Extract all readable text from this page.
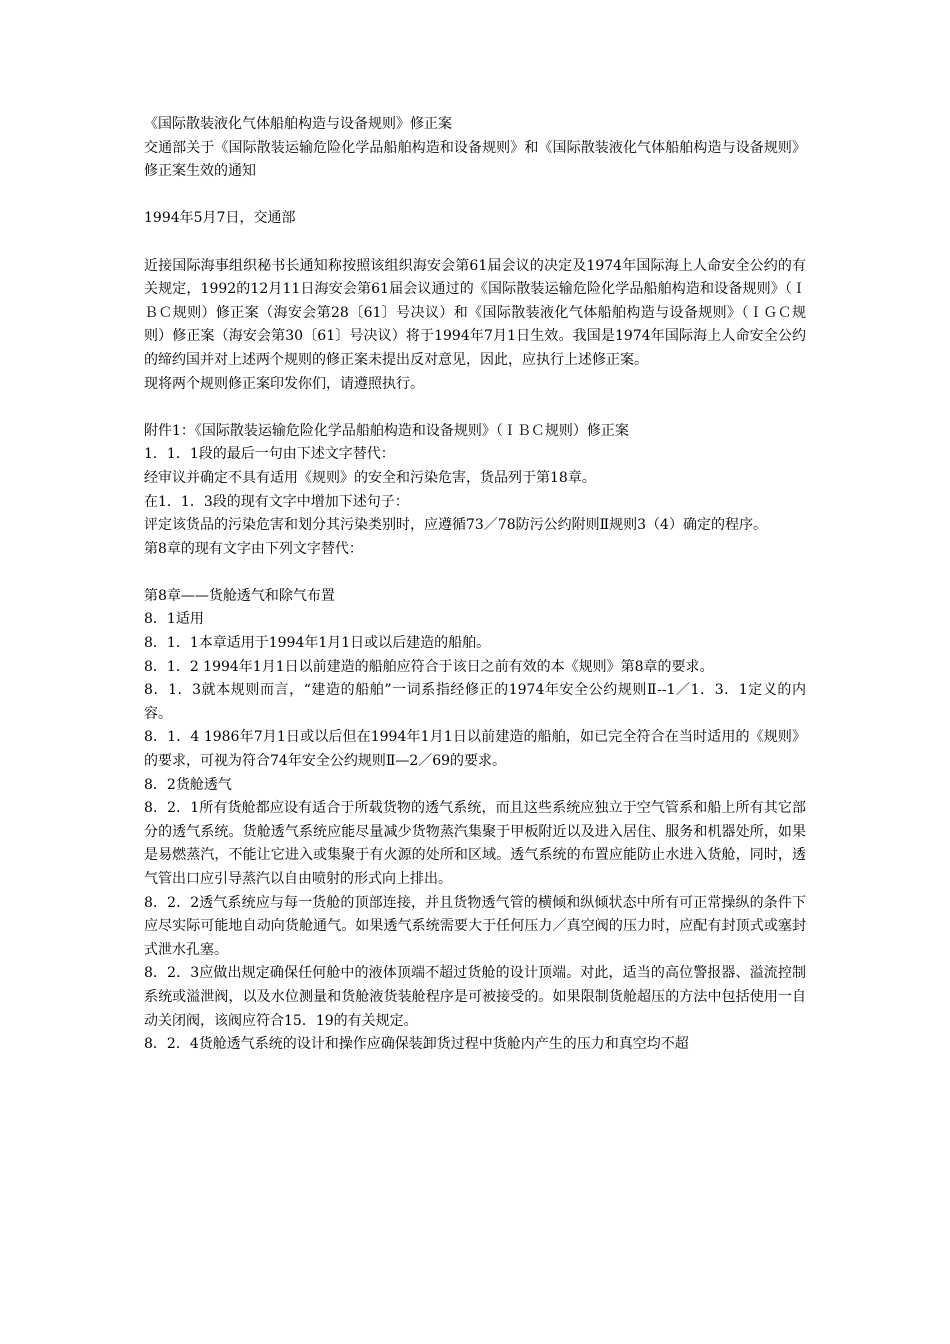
《国际散装液化气体船舶构造与设备规则》修正案

交通部关于《国际散装运输危险化学品船舶构造和设备规则》和《国际散装液化气体船舶构造与设备规则》修正案生效的通知

1994年5月7日，交通部

近接国际海事组织秘书长通知称按照该组织海安会第61届会议的决定及1974年国际海上人命安全公约的有关规定，1992的12月11日海安会第61届会议通过的《国际散装运输危险化学品船舶构造和设备规则》（ＩＢＣ规则）修正案（海安会第28〔61〕号决议）和《国际散装液化气体船舶构造与设备规则》（ＩＧＣ规则）修正案（海安会第30〔61〕号决议）将于1994年7月1日生效。我国是1974年国际海上人命安全公约的缔约国并对上述两个规则的修正案未提出反对意见，因此，应执行上述修正案。

现将两个规则修正案印发你们，请遵照执行。

附件1：《国际散装运输危险化学品船舶构造和设备规则》（ＩＢＣ规则）修正案

1．1．1段的最后一句由下述文字替代：

经审议并确定不具有适用《规则》的安全和污染危害，货品列于第18章。

在1．1．3段的现有文字中增加下述句子：

评定该货品的污染危害和划分其污染类别时，应遵循73／78防污公约附则Ⅱ规则3（4）确定的程序。

第8章的现有文字由下列文字替代：

第8章——货舱透气和除气布置

8．1适用

8．1．1本章适用于1994年1月1日或以后建造的船舶。

8．1．2 1994年1月1日以前建造的船舶应符合于该日之前有效的本《规则》第8章的要求。

8．1．3就本规则而言，“建造的船舶”一词系指经修正的1974年安全公约规则Ⅱ--1／1．3．1定义的内容。

8．1．4 1986年7月1日或以后但在1994年1月1日以前建造的船舶，如已完全符合在当时适用的《规则》的要求，可视为符合74年安全公约规则Ⅱ—2／69的要求。

8．2货舱透气

8．2．1所有货舱都应设有适合于所载货物的透气系统，而且这些系统应独立于空气管系和船上所有其它部分的透气系统。货舱透气系统应能尽量减少货物蒸汽集聚于甲板附近以及进入居住、服务和机器处所，如果是易燃蒸汽，不能让它进入或集聚于有火源的处所和区域。透气系统的布置应能防止水进入货舱，同时，透气管出口应引导蒸汽以自由喷射的形式向上排出。

8．2．2透气系统应与每一货舱的顶部连接，并且货物透气管的横倾和纵倾状态中所有可正常操纵的条件下应尽实际可能地自动向货舱通气。如果透气系统需要大于任何压力／真空阀的压力时，应配有封顶式或塞封式泄水孔塞。

8．2．3应做出规定确保任何舱中的液体顶端不超过货舱的设计顶端。对此，适当的高位警报器、溢流控制系统或溢泄阀，以及水位测量和货舱液货装舱程序是可被接受的。如果限制货舱超压的方法中包括使用一自动关闭阀，该阀应符合15．19的有关规定。

8．2．4货舱透气系统的设计和操作应确保装卸货过程中货舱内产生的压力和真空均不超
